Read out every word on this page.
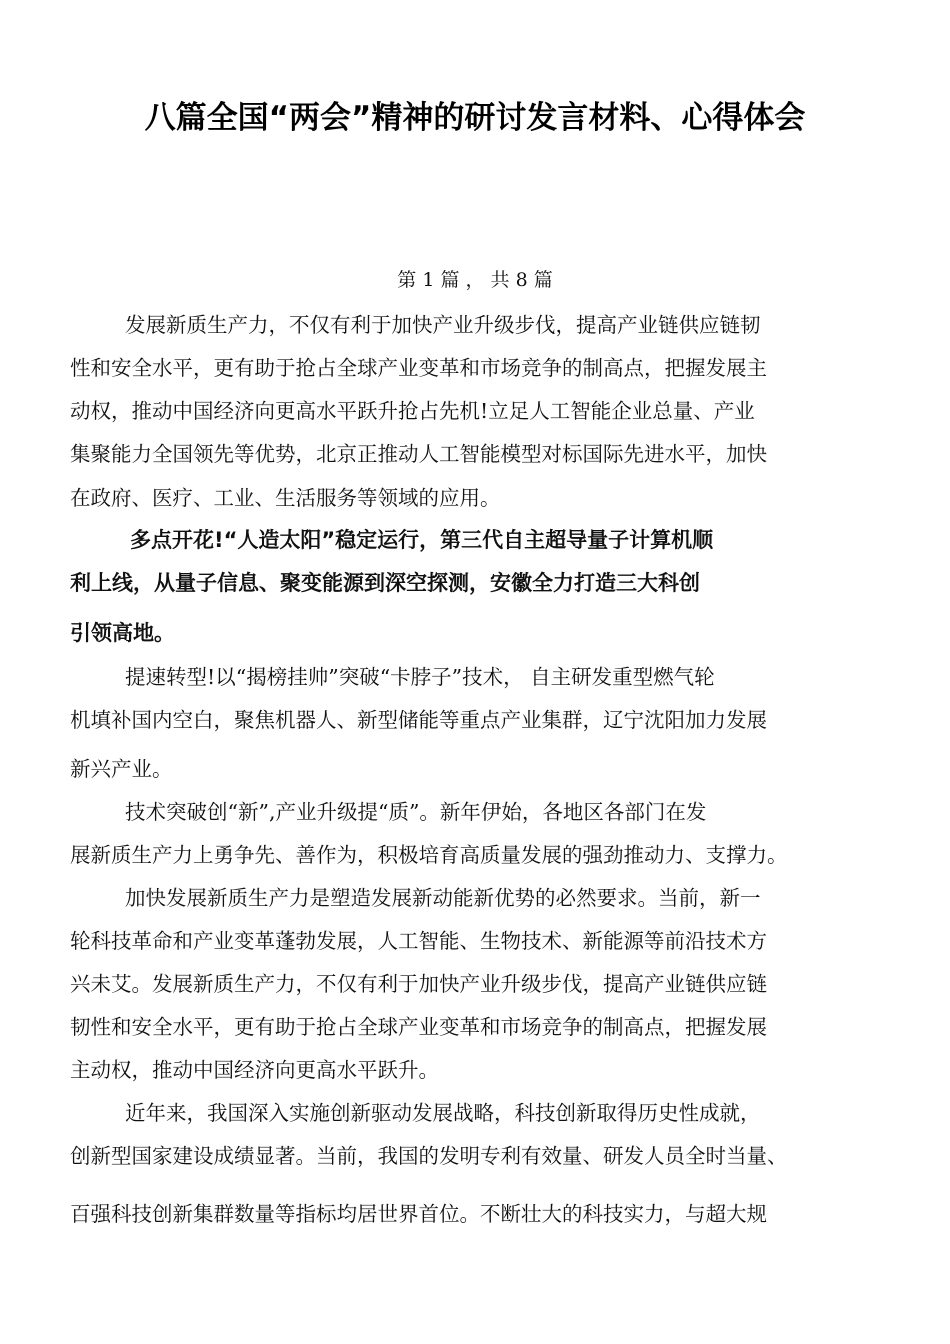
八篇全国“两会”精神的研讨发言材料、心得体会
第 1 篇 ， 共 8 篇
发展新质生产力，不仅有利于加快产业升级步伐，提高产业链供应链韧
性和安全水平，更有助于抢占全球产业变革和市场竞争的制高点，把握发展主
动权，推动中国经济向更高水平跃升抢占先机!立足人工智能企业总量、产业
集聚能力全国领先等优势，北京正推动人工智能模型对标国际先进水平，加快
在政府、医疗、工业、生活服务等领域的应用。
多点开花!“人造太阳”稳定运行，第三代自主超导量子计算机顺
利上线，从量子信息、聚变能源到深空探测，安徽全力打造三大科创
引领高地。
提速转型!以“揭榜挂帅”突破“卡脖子”技术， 自主研发重型燃气轮
机填补国内空白，聚焦机器人、新型储能等重点产业集群，辽宁沈阳加力发展
新兴产业。
技术突破创“新”,产业升级提“质”。新年伊始，各地区各部门在发
展新质生产力上勇争先、善作为，积极培育高质量发展的强劲推动力、支撑力。
加快发展新质生产力是塑造发展新动能新优势的必然要求。当前，新一
轮科技革命和产业变革蓬勃发展，人工智能、生物技术、新能源等前沿技术方
兴未艾。发展新质生产力，不仅有利于加快产业升级步伐，提高产业链供应链
韧性和安全水平，更有助于抢占全球产业变革和市场竞争的制高点，把握发展
主动权，推动中国经济向更高水平跃升。
近年来，我国深入实施创新驱动发展战略，科技创新取得历史性成就，
创新型国家建设成绩显著。当前，我国的发明专利有效量、研发人员全时当量、
百强科技创新集群数量等指标均居世界首位。不断壮大的科技实力，与超大规
